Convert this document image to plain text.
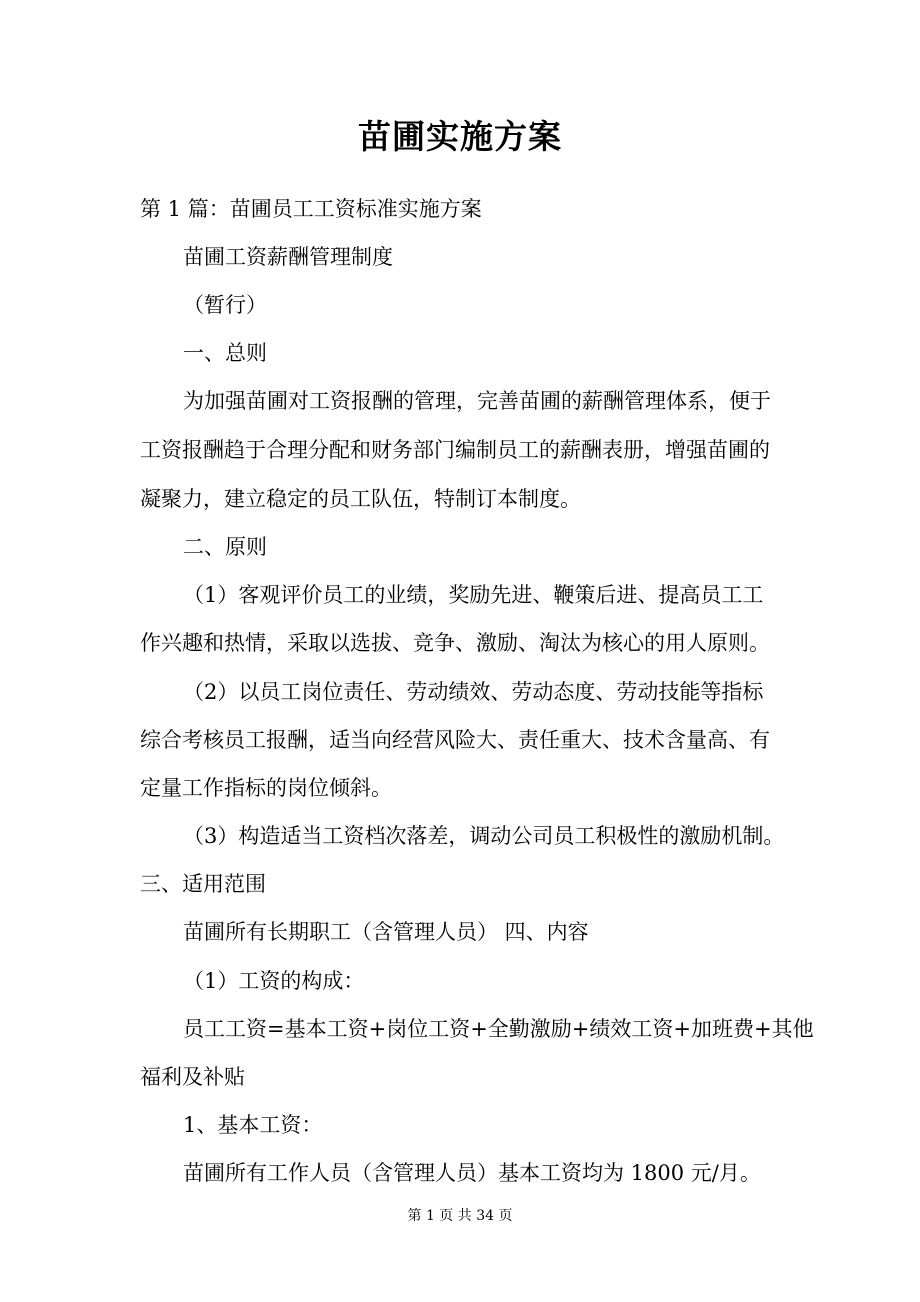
苗圃实施方案
第 1 篇：苗圃员工工资标准实施方案
苗圃工资薪酬管理制度
（暂行）
一、总则
为加强苗圃对工资报酬的管理，完善苗圃的薪酬管理体系，便于
工资报酬趋于合理分配和财务部门编制员工的薪酬表册，增强苗圃的
凝聚力，建立稳定的员工队伍，特制订本制度。
二、原则
（1）客观评价员工的业绩，奖励先进、鞭策后进、提高员工工
作兴趣和热情，采取以选拔、竞争、激励、淘汰为核心的用人原则。
（2）以员工岗位责任、劳动绩效、劳动态度、劳动技能等指标
综合考核员工报酬，适当向经营风险大、责任重大、技术含量高、有
定量工作指标的岗位倾斜。
（3）构造适当工资档次落差，调动公司员工积极性的激励机制。
三、适用范围
苗圃所有长期职工（含管理人员） 四、内容
（1）工资的构成：
员工工资=基本工资+岗位工资+全勤激励+绩效工资+加班费+其他
福利及补贴
1、基本工资：
苗圃所有工作人员（含管理人员）基本工资均为 1800 元/月。
第 1 页 共 34 页
